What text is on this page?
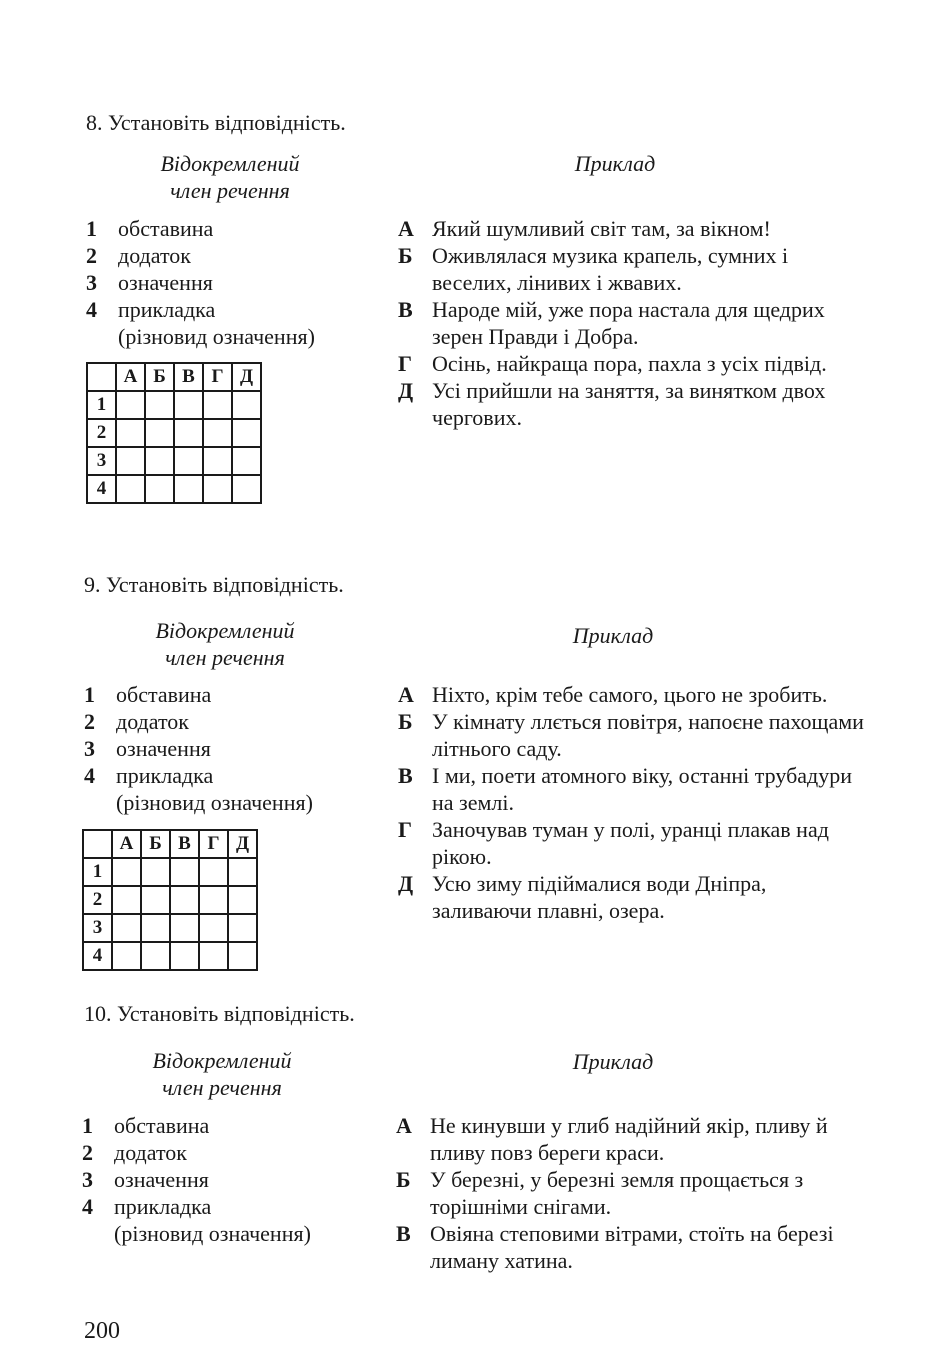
8. Установіть відповідність.
Відокремлений
член речення
Приклад
1 обставина
2 додаток
3 означення
4 прикладка
(різновид означення)
	А	Б	В	Г	Д
1					
2					
3					
4					
А Який шумливий світ там, за вікном!
Б Оживлялася музика крапель, сумних і веселих, лінивих і жвавих.
В Народе мій, уже пора настала для щедрих зерен Правди і Добра.
Г Осінь, найкраща пора, пахла з усіх підвід.
Д Усі прийшли на заняття, за винятком двох чергових.
9. Установіть відповідність.
Відокремлений
член речення
Приклад
1 обставина
2 додаток
3 означення
4 прикладка
(різновид означення)
	А	Б	В	Г	Д
1					
2					
3					
4					
А Ніхто, крім тебе самого, цього не зробить.
Б У кімнату ллється повітря, напоєне пахощами літнього саду.
В І ми, поети атомного віку, останні трубадури на землі.
Г Заночував туман у полі, уранці плакав над рікою.
Д Усю зиму підіймалися води Дніпра, заливаючи плавні, озера.
10. Установіть відповідність.
Відокремлений
член речення
Приклад
1 обставина
2 додаток
3 означення
4 прикладка
(різновид означення)
А Не кинувши у глиб надійний якір, пливу й пливу повз береги краси.
Б У березні, у березні земля прощається з торішніми снігами.
В Овіяна степовими вітрами, стоїть на березі лиману хатина.
200
